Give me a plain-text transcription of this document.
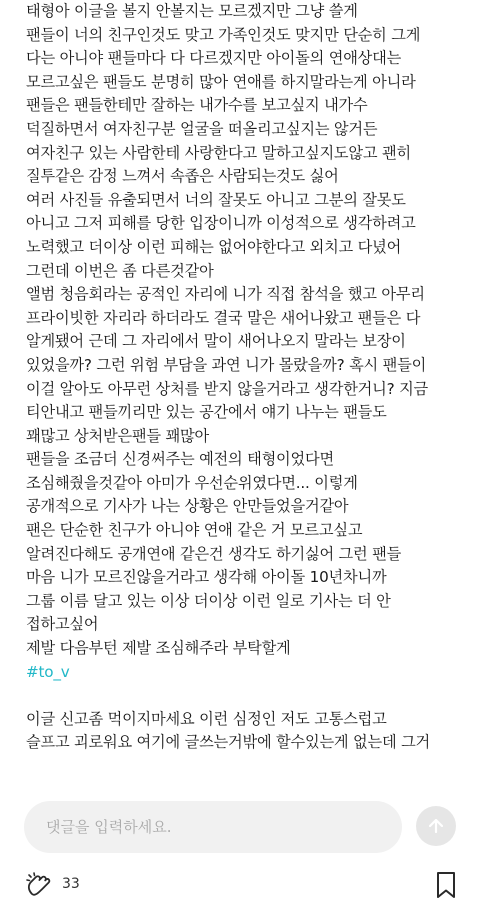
태형아 이글을 볼지 안볼지는 모르겠지만 그냥 쓸게
팬들이 너의 친구인것도 맞고 가족인것도 맞지만 단순히 그게
다는 아니야 팬들마다 다 다르겠지만 아이돌의 연애상대는
모르고싶은 팬들도 분명히 많아 연애를 하지말라는게 아니라
팬들은 팬들한테만 잘하는 내가수를 보고싶지 내가수
덕질하면서 여자친구분 얼굴을 떠올리고싶지는 않거든
여자친구 있는 사람한테 사랑한다고 말하고싶지도않고 괜히
질투같은 감정 느껴서 속좁은 사람되는것도 싫어
여러 사진들 유출되면서 너의 잘못도 아니고 그분의 잘못도
아니고 그저 피해를 당한 입장이니까 이성적으로 생각하려고
노력했고 더이상 이런 피해는 없어야한다고 외치고 다녔어
그런데 이번은 좀 다른것같아
앨범 청음회라는 공적인 자리에 니가 직접 참석을 했고 아무리
프라이빗한 자리라 하더라도 결국 말은 새어나왔고 팬들은 다
알게됐어 근데 그 자리에서 말이 새어나오지 말라는 보장이
있었을까? 그런 위험 부담을 과연 니가 몰랐을까? 혹시 팬들이
이걸 알아도 아무런 상처를 받지 않을거라고 생각한거니? 지금
티안내고 팬들끼리만 있는 공간에서 얘기 나누는 팬들도
꽤많고 상처받은팬들 꽤많아
팬들을 조금더 신경써주는 예전의 태형이었다면
조심해줬을것같아 아미가 우선순위였다면... 이렇게
공개적으로 기사가 나는 상황은 안만들었을거같아
팬은 단순한 친구가 아니야 연애 같은 거 모르고싶고
알려진다해도 공개연애 같은건 생각도 하기싫어 그런 팬들
마음 니가 모르진않을거라고 생각해 아이돌 10년차니까
그룹 이름 달고 있는 이상 더이상 이런 일로 기사는 더 안
접하고싶어
제발 다음부턴 제발 조심해주라 부탁할게
#to_v
이글 신고좀 먹이지마세요 이런 심정인 저도 고통스럽고
슬프고 괴로워요 여기에 글쓰는거밖에 할수있는게 없는데 그거
댓글을 입력하세요.
33
